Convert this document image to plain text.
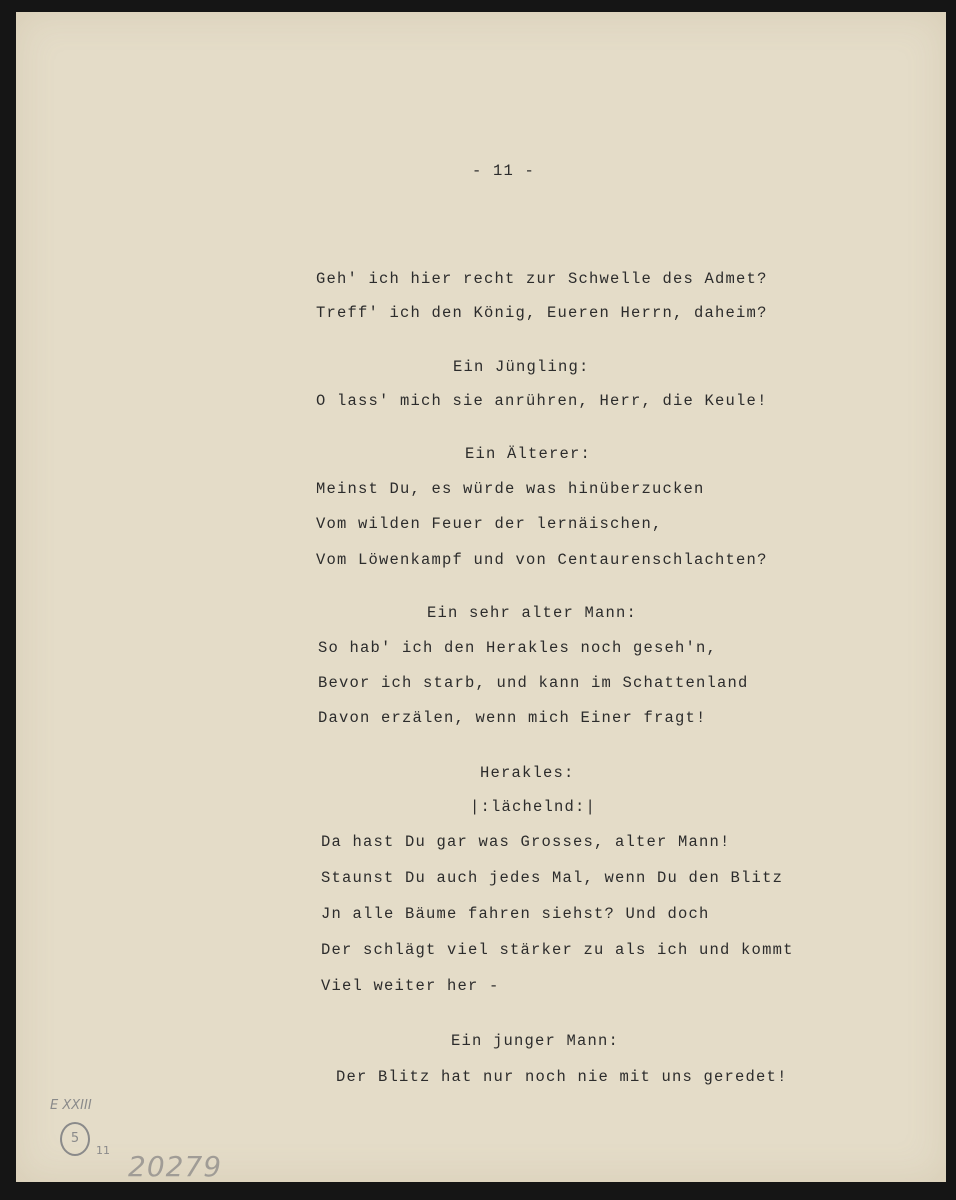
- 11 -
Geh' ich hier recht zur Schwelle des Admet?
Treff' ich den König, Eueren Herrn, daheim?
Ein Jüngling:
O lass' mich sie anrühren, Herr, die Keule!
Ein Älterer:
Meinst Du, es würde was hinüberzucken
Vom wilden Feuer der lernäischen,
Vom Löwenkampf und von Centaurenschlachten?
Ein sehr alter Mann:
So hab' ich den Herakles noch geseh'n,
Bevor ich starb, und kann im Schattenland
Davon erzälen, wenn mich Einer fragt!
Herakles:
|:lächelnd:|
Da hast Du gar was Grosses, alter Mann!
Staunst Du auch jedes Mal, wenn Du den Blitz
Jn alle Bäume fahren siehst? Und doch
Der schlägt viel stärker zu als ich und kommt
Viel weiter her -
Ein junger Mann:
Der Blitz hat nur noch nie mit uns geredet!
E XXIII
5
11 20279
